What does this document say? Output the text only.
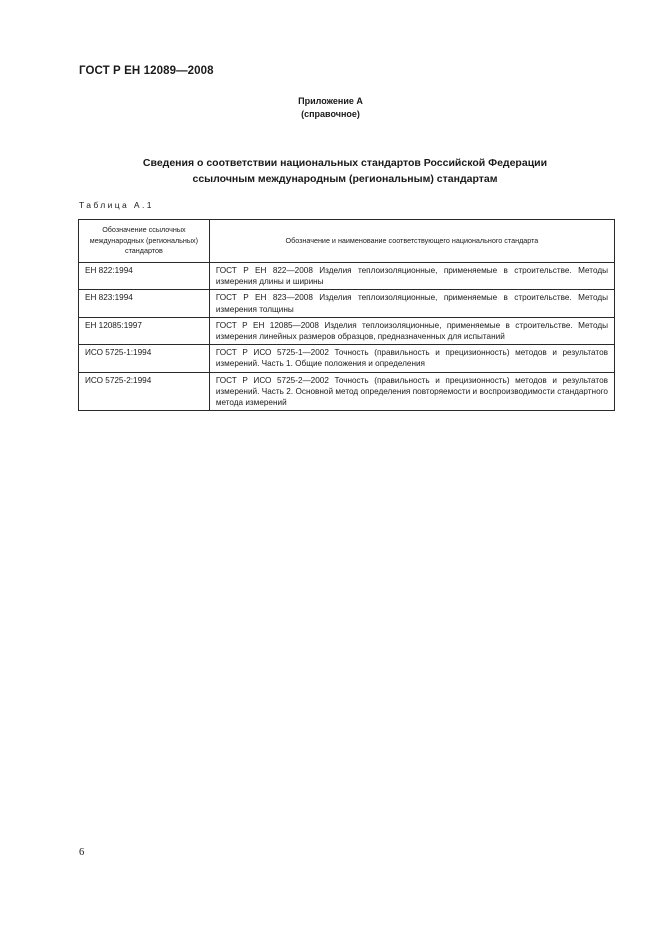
ГОСТ Р ЕН 12089—2008
Приложение А
(справочное)
Сведения о соответствии национальных стандартов Российской Федерации
ссылочным международным (региональным) стандартам
Таблица А.1
Обозначение ссылочных международных (региональных) стандартов	Обозначение и наименование соответствующего национального стандарта
ЕН 822:1994	ГОСТ Р ЕН 822—2008 Изделия теплоизоляционные, применяемые в строительстве. Методы измерения длины и ширины
ЕН 823:1994	ГОСТ Р ЕН 823—2008 Изделия теплоизоляционные, применяемые в строительстве. Методы измерения толщины
ЕН 12085:1997	ГОСТ Р ЕН 12085—2008 Изделия теплоизоляционные, применяемые в строительстве. Методы измерения линейных размеров образцов, предназначенных для испытаний
ИСО 5725-1:1994	ГОСТ Р ИСО 5725-1—2002 Точность (правильность и прецизионность) методов и результатов измерений. Часть 1. Общие положения и определения
ИСО 5725-2:1994	ГОСТ Р ИСО 5725-2—2002 Точность (правильность и прецизионность) методов и результатов измерений. Часть 2. Основной метод определения повторяемости и воспроизводимости стандартного метода измерений
6
